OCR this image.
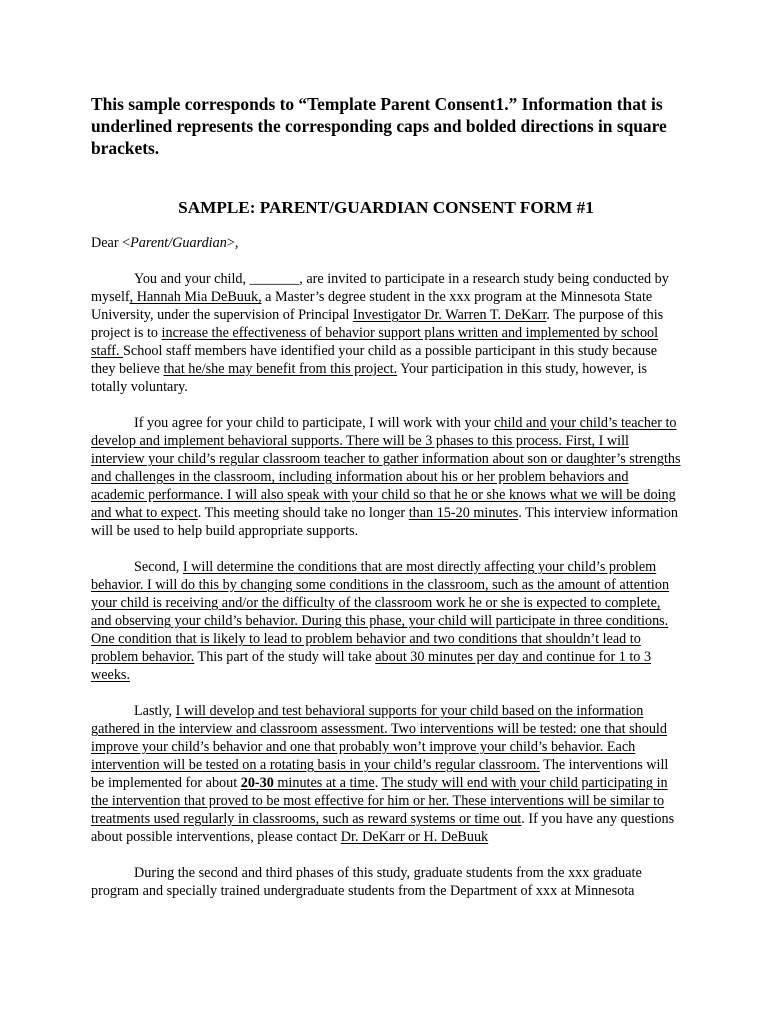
This sample corresponds to “Template Parent Consent1.” Information that is underlined represents the corresponding caps and bolded directions in square brackets.

SAMPLE: PARENT/GUARDIAN CONSENT FORM #1

Dear <Parent/Guardian>,

You and your child, _______, are invited to participate in a research study being conducted by myself, Hannah Mia DeBuuk, a Master’s degree student in the xxx program at the Minnesota State University, under the supervision of Principal Investigator Dr. Warren T. DeKarr. The purpose of this project is to increase the effectiveness of behavior support plans written and implemented by school staff. School staff members have identified your child as a possible participant in this study because they believe that he/she may benefit from this project. Your participation in this study, however, is totally voluntary.

If you agree for your child to participate, I will work with your child and your child’s teacher to develop and implement behavioral supports. There will be 3 phases to this process. First, I will interview your child’s regular classroom teacher to gather information about son or daughter’s strengths and challenges in the classroom, including information about his or her problem behaviors and academic performance. I will also speak with your child so that he or she knows what we will be doing and what to expect. This meeting should take no longer than 15-20 minutes. This interview information will be used to help build appropriate supports.

Second, I will determine the conditions that are most directly affecting your child’s problem behavior. I will do this by changing some conditions in the classroom, such as the amount of attention your child is receiving and/or the difficulty of the classroom work he or she is expected to complete, and observing your child’s behavior. During this phase, your child will participate in three conditions. One condition that is likely to lead to problem behavior and two conditions that shouldn’t lead to problem behavior. This part of the study will take about 30 minutes per day and continue for 1 to 3 weeks.

Lastly, I will develop and test behavioral supports for your child based on the information gathered in the interview and classroom assessment. Two interventions will be tested: one that should improve your child’s behavior and one that probably won’t improve your child’s behavior. Each intervention will be tested on a rotating basis in your child’s regular classroom. The interventions will be implemented for about 20-30 minutes at a time. The study will end with your child participating in the intervention that proved to be most effective for him or her. These interventions will be similar to treatments used regularly in classrooms, such as reward systems or time out. If you have any questions about possible interventions, please contact Dr. DeKarr or H. DeBuuk

During the second and third phases of this study, graduate students from the xxx graduate program and specially trained undergraduate students from the Department of xxx at Minnesota
